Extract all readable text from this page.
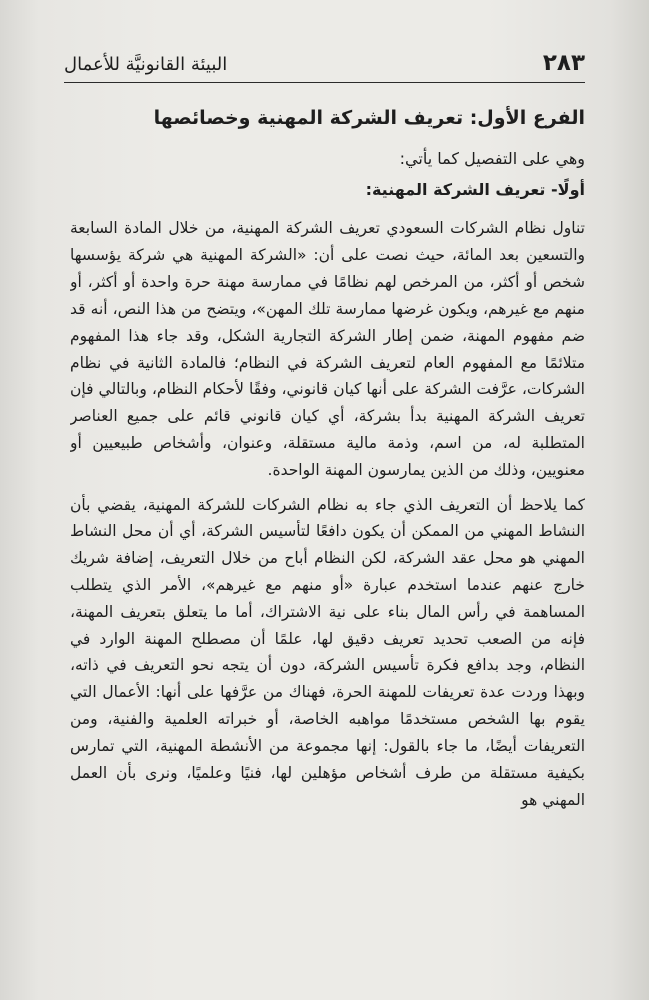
٢٨٣
البيئة القانونيَّة للأعمال
الفرع الأول: تعريف الشركة المهنية وخصائصها

وهي على التفصيل كما يأتي:

أولًا- تعريف الشركة المهنية:

تناول نظام الشركات السعودي تعريف الشركة المهنية، من خلال المادة السابعة والتسعين بعد المائة، حيث نصت على أن: «الشركة المهنية هي شركة يؤسسها شخص أو أكثر، من المرخص لهم نظامًا في ممارسة مهنة حرة واحدة أو أكثر، أو منهم مع غيرهم، ويكون غرضها ممارسة تلك المهن»، ويتضح من هذا النص، أنه قد ضم مفهوم المهنة، ضمن إطار الشركة التجارية الشكل، وقد جاء هذا المفهوم متلائمًا مع المفهوم العام لتعريف الشركة في النظام؛ فالمادة الثانية في نظام الشركات، عرَّفت الشركة على أنها كيان قانوني، وفقًا لأحكام النظام، وبالتالي فإن تعريف الشركة المهنية بدأ بشركة، أي كيان قانوني قائم على جميع العناصر المتطلبة له، من اسم، وذمة مالية مستقلة، وعنوان، وأشخاص طبيعيين أو معنويين، وذلك من الذين يمارسون المهنة الواحدة.

كما يلاحظ أن التعريف الذي جاء به نظام الشركات للشركة المهنية، يقضي بأن النشاط المهني من الممكن أن يكون دافعًا لتأسيس الشركة، أي أن محل النشاط المهني هو محل عقد الشركة، لكن النظام أباح من خلال التعريف، إضافة شريك خارج عنهم عندما استخدم عبارة «أو منهم مع غيرهم»، الأمر الذي يتطلب المساهمة في رأس المال بناء على نية الاشتراك، أما ما يتعلق بتعريف المهنة، فإنه من الصعب تحديد تعريف دقيق لها، علمًا أن مصطلح المهنة الوارد في النظام، وجد بدافع فكرة تأسيس الشركة، دون أن يتجه نحو التعريف في ذاته، وبهذا وردت عدة تعريفات للمهنة الحرة، فهناك من عرَّفها على أنها: الأعمال التي يقوم بها الشخص مستخدمًا مواهبه الخاصة، أو خبراته العلمية والفنية، ومن التعريفات أيضًا، ما جاء بالقول: إنها مجموعة من الأنشطة المهنية، التي تمارس بكيفية مستقلة من طرف أشخاص مؤهلين لها، فنيًا وعلميًا، ونرى بأن العمل المهني هو
